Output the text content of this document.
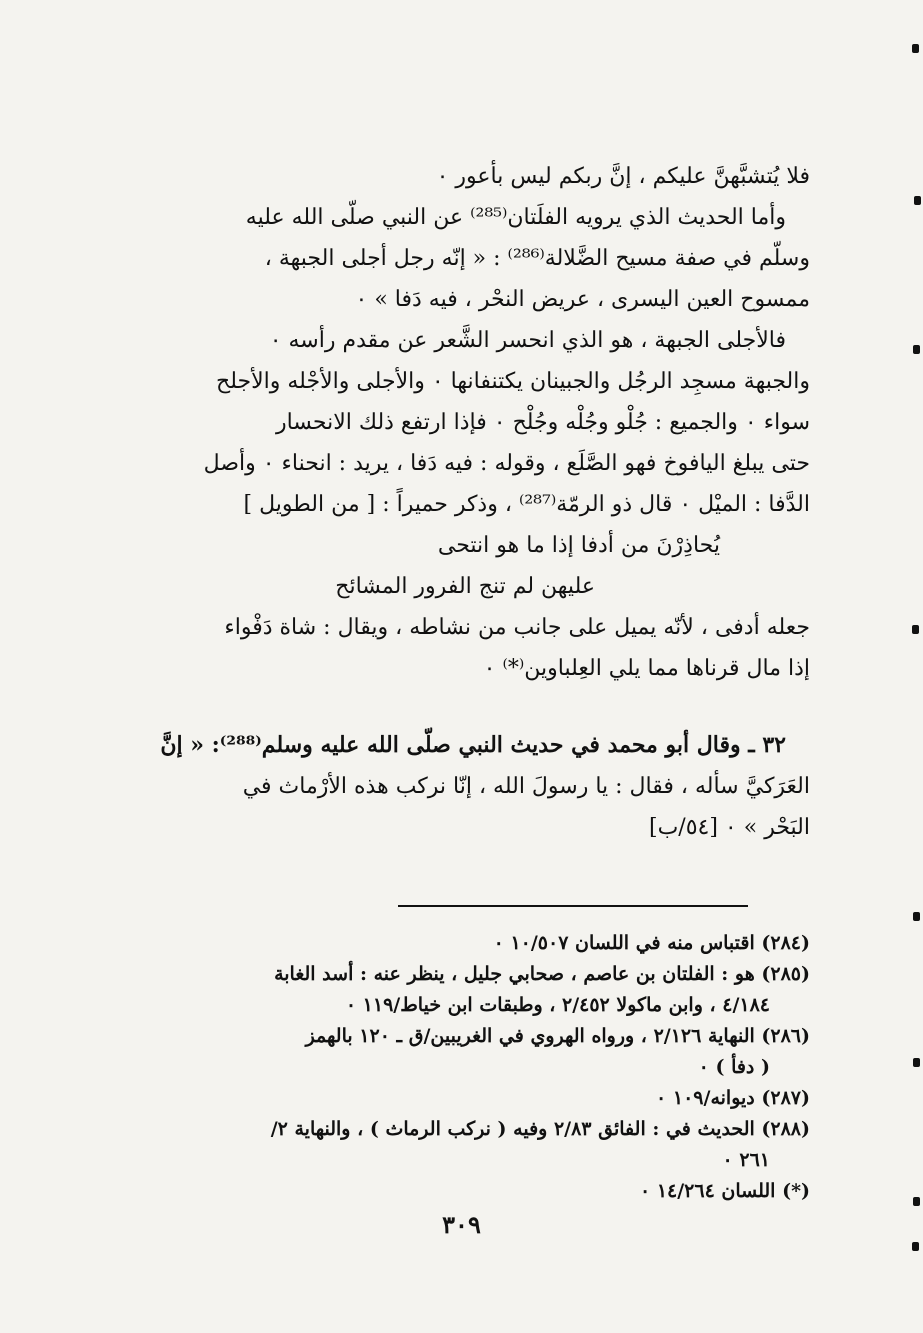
فلا يُتشبَّهنَّ عليكم ، إنَّ ربكم ليس بأعور ٠
وأما الحديث الذي يرويه الفلَتان⁽²⁸⁵⁾ عن النبي صلّى الله عليه
وسلّم في صفة مسيح الضَّلالة⁽²⁸⁶⁾ : « إنّه رجل أجلى الجبهة ،
ممسوح العين اليسرى ، عريض النحْر ، فيه دَفا » ٠
فالأجلى الجبهة ، هو الذي انحسر الشَّعر عن مقدم رأسه ٠
والجبهة مسجِد الرجُل والجبينان يكتنفانها ٠ والأجلى والأجْله والأجلح
سواء ٠ والجميع : جُلْو وجُلْه وجُلْح ٠ فإذا ارتفع ذلك الانحسار
حتى يبلغ اليافوخ فهو الصَّلَع ، وقوله : فيه دَفا ، يريد : انحناء ٠ وأصل
الدَّفا : الميْل ٠ قال ذو الرمّة⁽²⁸⁷⁾ ، وذكر حميراً : [ من الطويل ]
يُحاذِرْنَ من أدفا إذا ما هو انتحى
عليهن لم تنج الفرور المشائح
جعله أدفى ، لأنّه يميل على جانب من نشاطه ، ويقال : شاة دَفْواء
إذا مال قرناها مما يلي العِلباوين⁽*⁾ ٠
٣٢ ـ وقال أبو محمد في حديث النبي صلّى الله عليه وسلم⁽²⁸⁸⁾: « إنَّ
العَرَكيَّ سأله ، فقال : يا رسولَ الله ، إنّا نركب هذه الأرْماث في
البَحْر » ٠ [٥٤/ب]
(٢٨٤) اقتباس منه في اللسان ١٠/٥٠٧ ٠
(٢٨٥) هو : الفلتان بن عاصم ، صحابي جليل ، ينظر عنه : أسد الغابة
٤/١٨٤ ، وابن ماكولا ٢/٤٥٢ ، وطبقات ابن خياط/١١٩ ٠
(٢٨٦) النهاية ٢/١٢٦ ، ورواه الهروي في الغريبين/ق ـ ١٢٠ بالهمز
( دفأ ) ٠
(٢٨٧) ديوانه/١٠٩ ٠
(٢٨٨) الحديث في : الفائق ٢/٨٣ وفيه ( نركب الرماث ) ، والنهاية ٢/
٢٦١ ٠
(*) اللسان ١٤/٢٦٤ ٠
٣٠٩
